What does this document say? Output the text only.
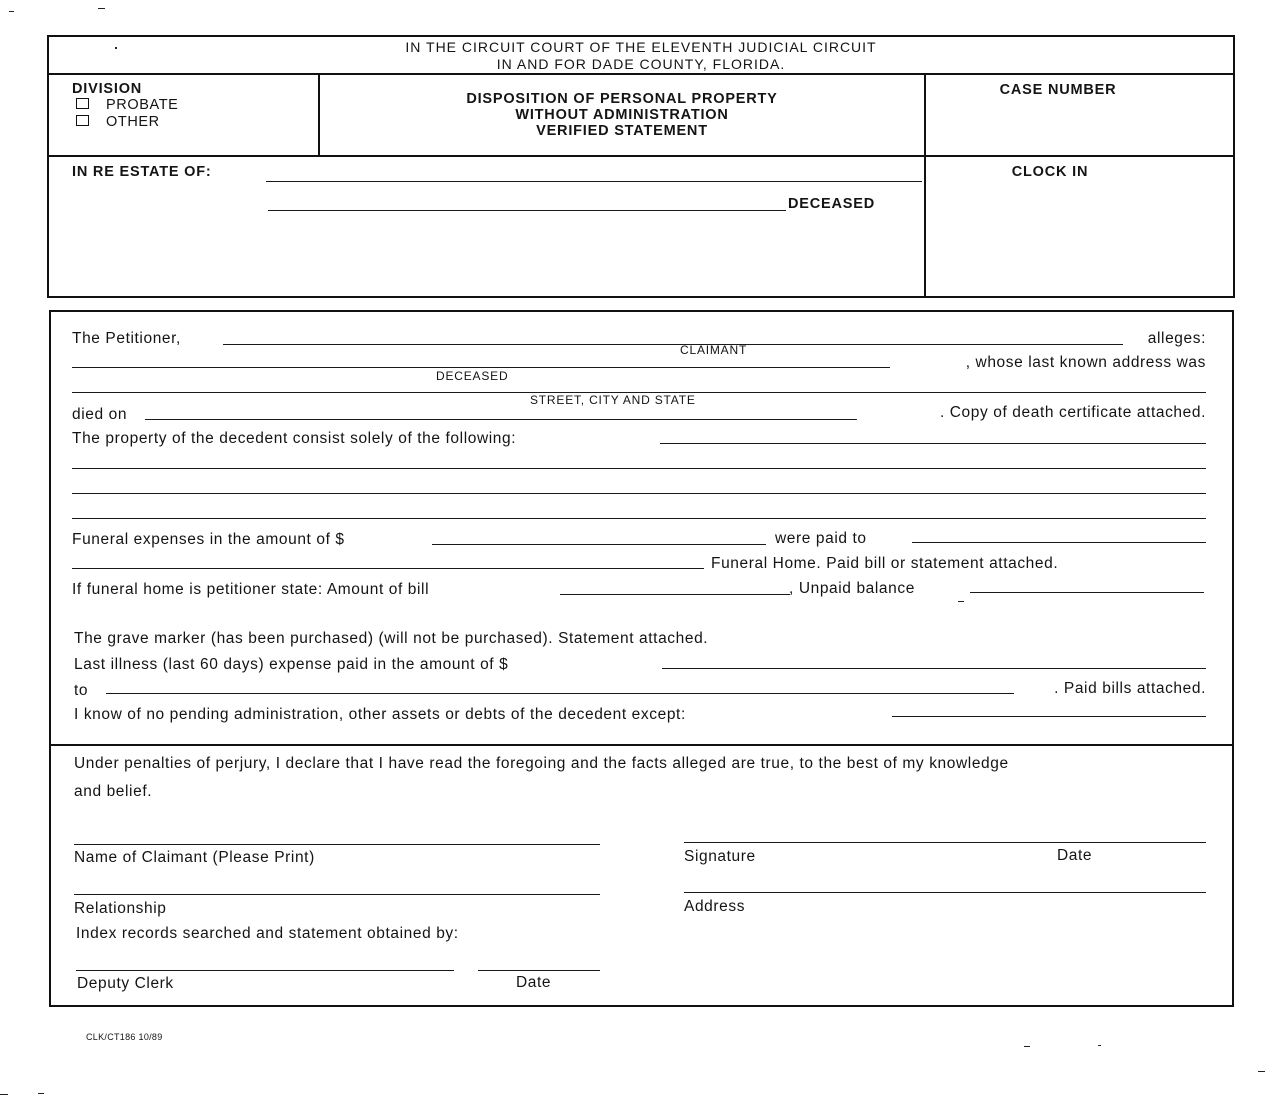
IN THE CIRCUIT COURT OF THE ELEVENTH JUDICIAL CIRCUIT
IN AND FOR DADE COUNTY, FLORIDA.
DIVISION
PROBATE
OTHER
DISPOSITION OF PERSONAL PROPERTY
WITHOUT ADMINISTRATION
VERIFIED STATEMENT
CASE NUMBER
IN RE ESTATE OF:
DECEASED
CLOCK IN
The Petitioner,	alleges:
CLAIMANT
, whose last known address was
DECEASED
STREET, CITY AND STATE
died on	. Copy of death certificate attached.
The property of the decedent consist solely of the following:
Funeral expenses in the amount of $	were paid to
Funeral Home. Paid bill or statement attached.
If funeral home is petitioner state: Amount of bill	, Unpaid balance
The grave marker (has been purchased) (will not be purchased). Statement attached.
Last illness (last 60 days) expense paid in the amount of $
to	. Paid bills attached.
I know of no pending administration, other assets or debts of the decedent except:
Under penalties of perjury, I declare that I have read the foregoing and the facts alleged are true, to the best of my knowledge
and belief.
Name of Claimant (Please Print)	Signature	Date
Relationship	Address
Index records searched and statement obtained by:
Deputy Clerk	Date
CLK/CT186 10/89
